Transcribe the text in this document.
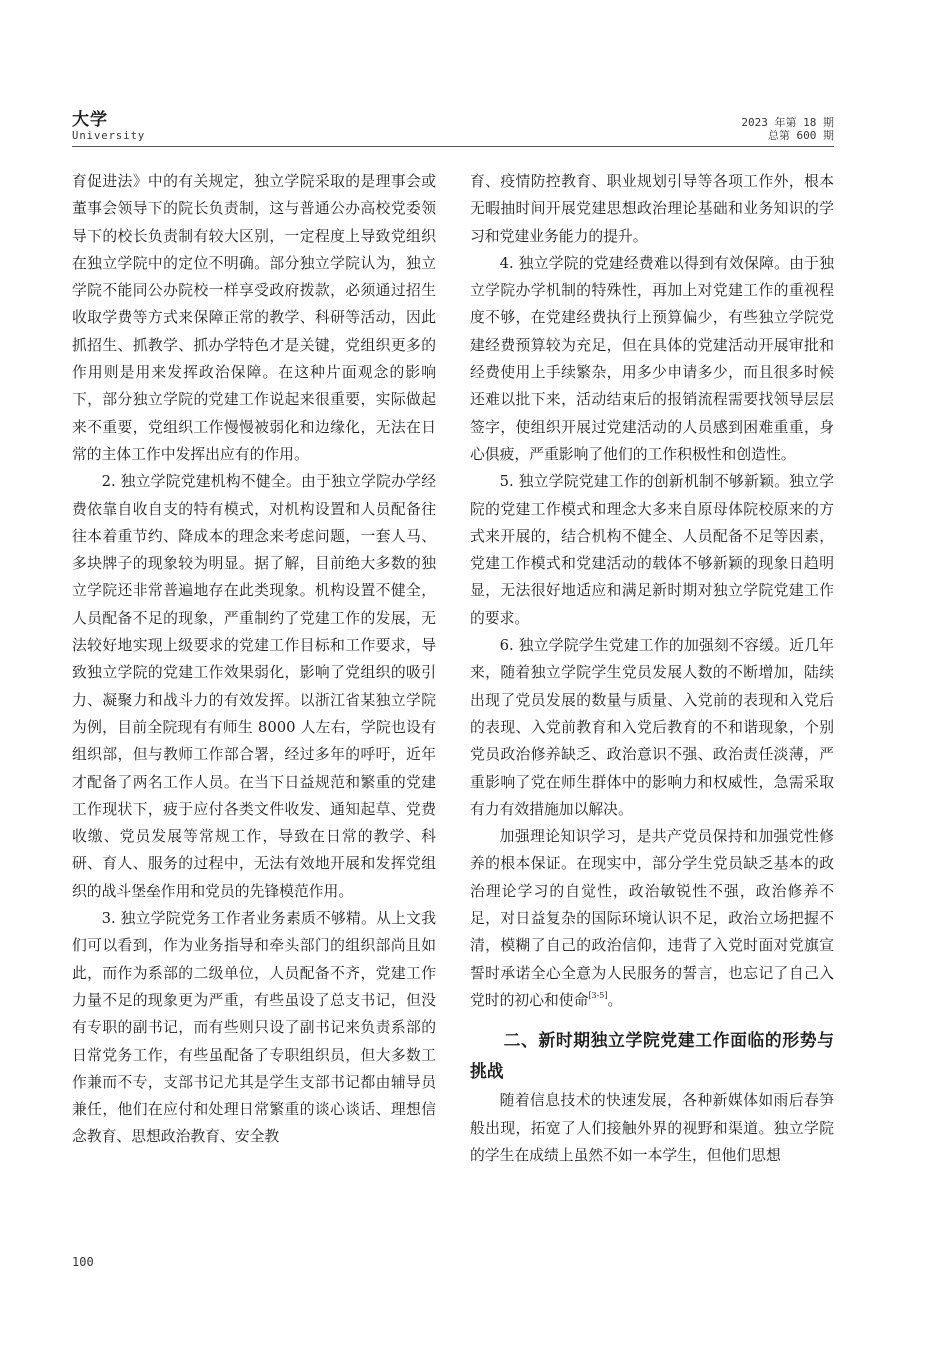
大学
University
2023 年第 18 期
总第 600 期

育促进法》中的有关规定，独立学院采取的是理事会或董事会领导下的院长负责制，这与普通公办高校党委领导下的校长负责制有较大区别，一定程度上导致党组织在独立学院中的定位不明确。部分独立学院认为，独立学院不能同公办院校一样享受政府拨款，必须通过招生收取学费等方式来保障正常的教学、科研等活动，因此抓招生、抓教学、抓办学特色才是关键，党组织更多的作用则是用来发挥政治保障。在这种片面观念的影响下，部分独立学院的党建工作说起来很重要，实际做起来不重要，党组织工作慢慢被弱化和边缘化，无法在日常的主体工作中发挥出应有的作用。

2. 独立学院党建机构不健全。由于独立学院办学经费依靠自收自支的特有模式，对机构设置和人员配备往往本着重节约、降成本的理念来考虑问题，一套人马、多块牌子的现象较为明显。据了解，目前绝大多数的独立学院还非常普遍地存在此类现象。机构设置不健全，人员配备不足的现象，严重制约了党建工作的发展，无法较好地实现上级要求的党建工作目标和工作要求，导致独立学院的党建工作效果弱化，影响了党组织的吸引力、凝聚力和战斗力的有效发挥。以浙江省某独立学院为例，目前全院现有有师生 8000 人左右，学院也设有组织部，但与教师工作部合署，经过多年的呼吁，近年才配备了两名工作人员。在当下日益规范和繁重的党建工作现状下，疲于应付各类文件收发、通知起草、党费收缴、党员发展等常规工作，导致在日常的教学、科研、育人、服务的过程中，无法有效地开展和发挥党组织的战斗堡垒作用和党员的先锋模范作用。

3. 独立学院党务工作者业务素质不够精。从上文我们可以看到，作为业务指导和牵头部门的组织部尚且如此，而作为系部的二级单位，人员配备不齐，党建工作力量不足的现象更为严重，有些虽设了总支书记，但没有专职的副书记，而有些则只设了副书记来负责系部的日常党务工作，有些虽配备了专职组织员，但大多数工作兼而不专，支部书记尤其是学生支部书记都由辅导员兼任，他们在应付和处理日常繁重的谈心谈话、理想信念教育、思想政治教育、安全教

育、疫情防控教育、职业规划引导等各项工作外，根本无暇抽时间开展党建思想政治理论基础和业务知识的学习和党建业务能力的提升。

4. 独立学院的党建经费难以得到有效保障。由于独立学院办学机制的特殊性，再加上对党建工作的重视程度不够，在党建经费执行上预算偏少，有些独立学院党建经费预算较为充足，但在具体的党建活动开展审批和经费使用上手续繁杂，用多少申请多少，而且很多时候还难以批下来，活动结束后的报销流程需要找领导层层签字，使组织开展过党建活动的人员感到困难重重，身心俱疲，严重影响了他们的工作积极性和创造性。

5. 独立学院党建工作的创新机制不够新颖。独立学院的党建工作模式和理念大多来自原母体院校原来的方式来开展的，结合机构不健全、人员配备不足等因素，党建工作模式和党建活动的载体不够新颖的现象日趋明显，无法很好地适应和满足新时期对独立学院党建工作的要求。

6. 独立学院学生党建工作的加强刻不容缓。近几年来，随着独立学院学生党员发展人数的不断增加，陆续出现了党员发展的数量与质量、入党前的表现和入党后的表现、入党前教育和入党后教育的不和谐现象，个别党员政治修养缺乏、政治意识不强、政治责任淡薄，严重影响了党在师生群体中的影响力和权威性，急需采取有力有效措施加以解决。

加强理论知识学习，是共产党员保持和加强党性修养的根本保证。在现实中，部分学生党员缺乏基本的政治理论学习的自觉性，政治敏锐性不强，政治修养不足，对日益复杂的国际环境认识不足，政治立场把握不清，模糊了自己的政治信仰，违背了入党时面对党旗宣誓时承诺全心全意为人民服务的誓言，也忘记了自己入党时的初心和使命[3-5]。

二、新时期独立学院党建工作面临的形势与挑战

随着信息技术的快速发展，各种新媒体如雨后春笋般出现，拓宽了人们接触外界的视野和渠道。独立学院的学生在成绩上虽然不如一本学生，但他们思想

100
